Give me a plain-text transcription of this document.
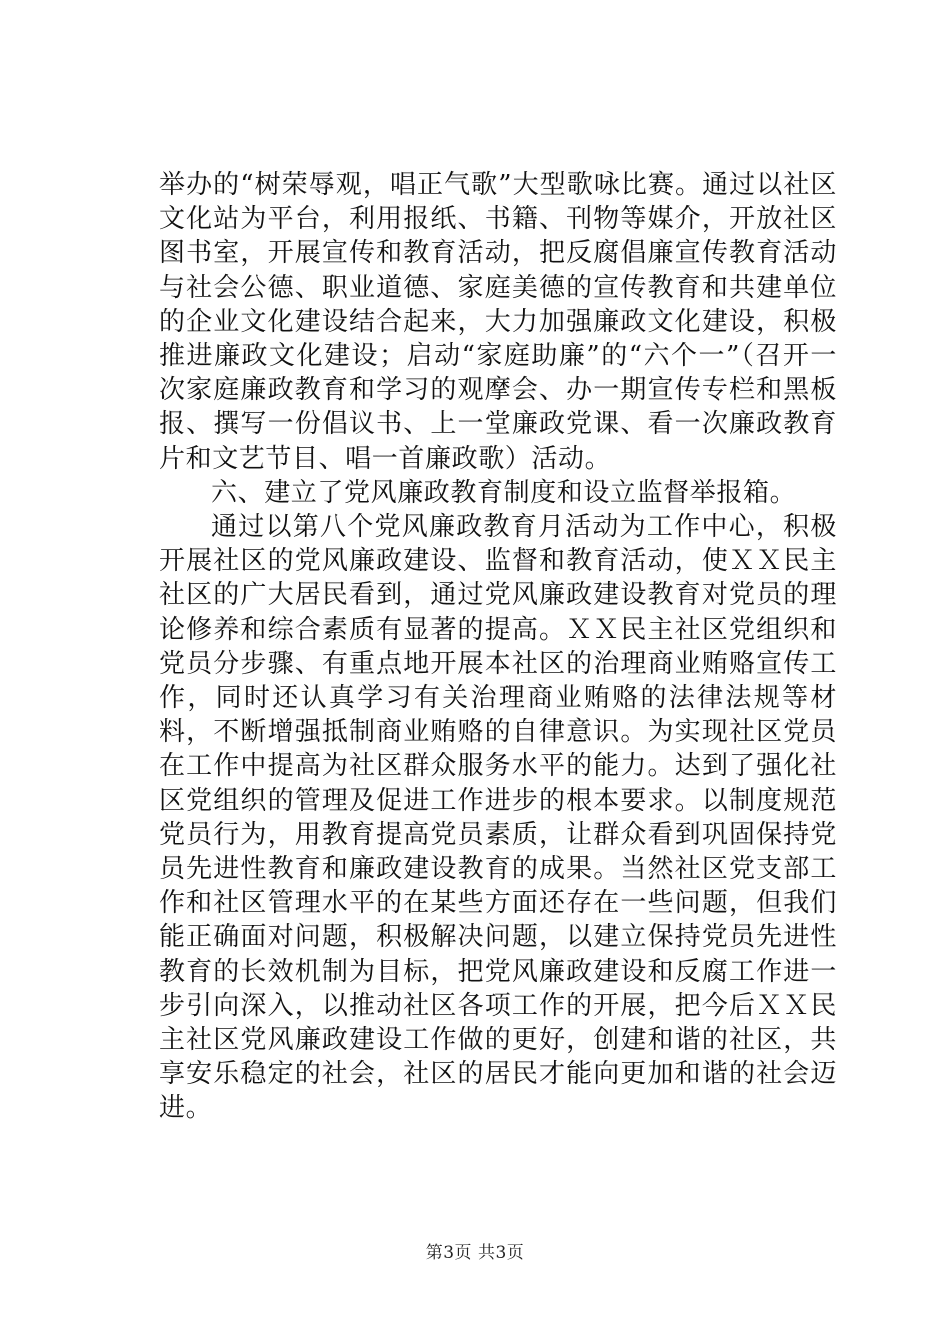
举办的“树荣辱观，唱正气歌”大型歌咏比赛。通过以社区文化站为平台，利用报纸、书籍、刊物等媒介，开放社区图书室，开展宣传和教育活动，把反腐倡廉宣传教育活动与社会公德、职业道德、家庭美德的宣传教育和共建单位的企业文化建设结合起来，大力加强廉政文化建设，积极推进廉政文化建设；启动“家庭助廉”的“六个一”（召开一次家庭廉政教育和学习的观摩会、办一期宣传专栏和黑板报、撰写一份倡议书、上一堂廉政党课、看一次廉政教育片和文艺节目、唱一首廉政歌）活动。

六、建立了党风廉政教育制度和设立监督举报箱。

通过以第八个党风廉政教育月活动为工作中心，积极开展社区的党风廉政建设、监督和教育活动，使ＸＸ民主社区的广大居民看到，通过党风廉政建设教育对党员的理论修养和综合素质有显著的提高。ＸＸ民主社区党组织和党员分步骤、有重点地开展本社区的治理商业贿赂宣传工作，同时还认真学习有关治理商业贿赂的法律法规等材料，不断增强抵制商业贿赂的自律意识。为实现社区党员在工作中提高为社区群众服务水平的能力。达到了强化社区党组织的管理及促进工作进步的根本要求。以制度规范党员行为，用教育提高党员素质，让群众看到巩固保持党员先进性教育和廉政建设教育的成果。当然社区党支部工作和社区管理水平的在某些方面还存在一些问题，但我们能正确面对问题，积极解决问题，以建立保持党员先进性教育的长效机制为目标，把党风廉政建设和反腐工作进一步引向深入，以推动社区各项工作的开展，把今后ＸＸ民主社区党风廉政建设工作做的更好，创建和谐的社区，共享安乐稳定的社会，社区的居民才能向更加和谐的社会迈进。

第3页 共3页
